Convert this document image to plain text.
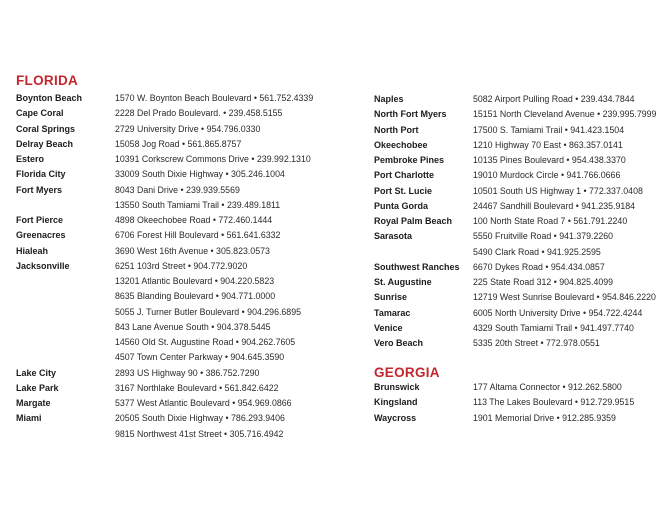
FLORIDA
Boynton Beach	1570 W. Boynton Beach Boulevard • 561.752.4339
Cape Coral	2228 Del Prado Boulevard. • 239.458.5155
Coral Springs	2729 University Drive • 954.796.0330
Delray Beach	15058 Jog Road • 561.865.8757
Estero	10391 Corkscrew Commons Drive • 239.992.1310
Florida City	33009 South Dixie Highway • 305.246.1004
Fort Myers	8043 Dani Drive • 239.939.5569
13550 South Tamiami Trail • 239.489.1811
Fort Pierce	4898 Okeechobee Road • 772.460.1444
Greenacres	6706 Forest Hill Boulevard • 561.641.6332
Hialeah	3690 West 16th Avenue • 305.823.0573
Jacksonville	6251 103rd Street • 904.772.9020
13201 Atlantic Boulevard • 904.220.5823
8635 Blanding Boulevard • 904.771.0000
5055 J. Turner Butler Boulevard • 904.296.6895
843 Lane Avenue South • 904.378.5445
14560 Old St. Augustine Road • 904.262.7605
4507 Town Center Parkway • 904.645.3590
Lake City	2893 US Highway 90 • 386.752.7290
Lake Park	3167 Northlake Boulevard • 561.842.6422
Margate	5377 West Atlantic Boulevard • 954.969.0866
Miami	20505 South Dixie Highway • 786.293.9406
9815 Northwest 41st Street • 305.716.4942
Naples	5082 Airport Pulling Road • 239.434.7844
North Fort Myers	15151 North Cleveland Avenue • 239.995.7999
North Port	17500 S. Tamiami Trail • 941.423.1504
Okeechobee	1210 Highway 70 East • 863.357.0141
Pembroke Pines	10135 Pines Boulevard • 954.438.3370
Port Charlotte	19010 Murdock Circle • 941.766.0666
Port St. Lucie	10501 South US Highway 1 • 772.337.0408
Punta Gorda	24467 Sandhill Boulevard • 941.235.9184
Royal Palm Beach 100 North State Road 7 • 561.791.2240
Sarasota	5550 Fruitville Road • 941.379.2260
5490 Clark Road • 941.925.2595
Southwest Ranches 6670 Dykes Road • 954.434.0857
St. Augustine	225 State Road 312 • 904.825.4099
Sunrise	12719 West Sunrise Boulevard • 954.846.2220
Tamarac	6005 North University Drive • 954.722.4244
Venice	4329 South Tamiami Trail • 941.497.7740
Vero Beach	5335 20th Street • 772.978.0551
GEORGIA
Brunswick	177 Altama Connector • 912.262.5800
Kingsland	113 The Lakes Boulevard • 912.729.9515
Waycross	1901 Memorial Drive • 912.285.9359
